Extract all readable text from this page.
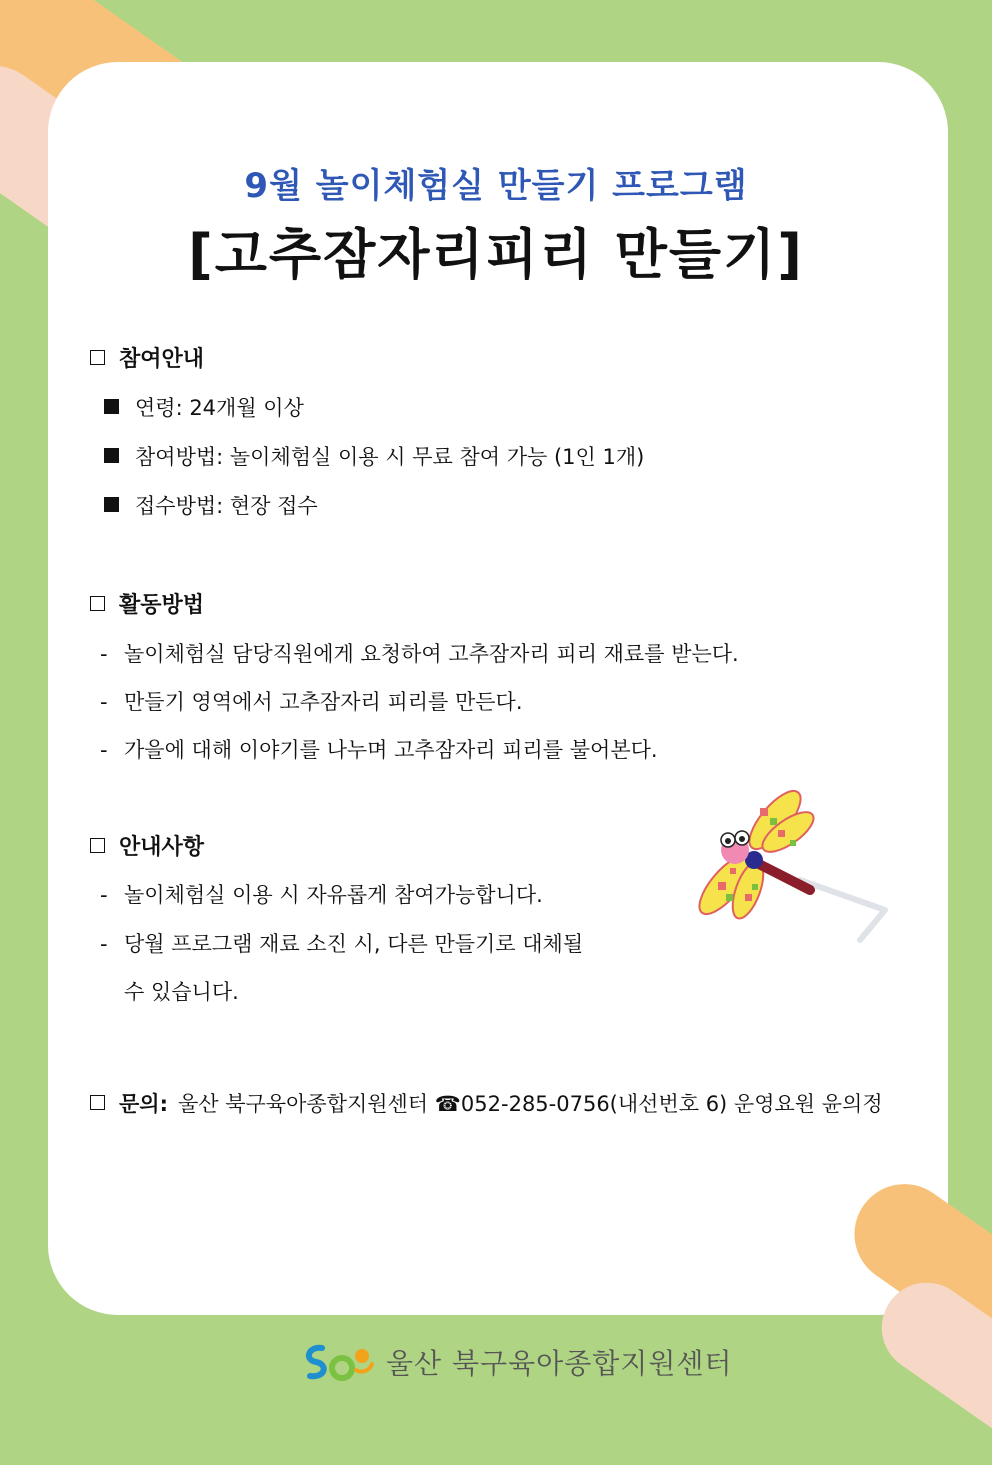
9월 놀이체험실 만들기 프로그램
[고추잠자리피리 만들기]
참여안내
연령: 24개월 이상
참여방법: 놀이체험실 이용 시 무료 참여 가능 (1인 1개)
접수방법: 현장 접수
활동방법
- 놀이체험실 담당직원에게 요청하여 고추잠자리 피리 재료를 받는다.
- 만들기 영역에서 고추잠자리 피리를 만든다.
- 가을에 대해 이야기를 나누며 고추잠자리 피리를 불어본다.
안내사항
- 놀이체험실 이용 시 자유롭게 참여가능합니다.
- 당월 프로그램 재료 소진 시, 다른 만들기로 대체될
수 있습니다.
문의: 울산 북구육아종합지원센터 ☎052-285-0756(내선번호 6) 운영요원 윤의정
울산 북구육아종합지원센터
